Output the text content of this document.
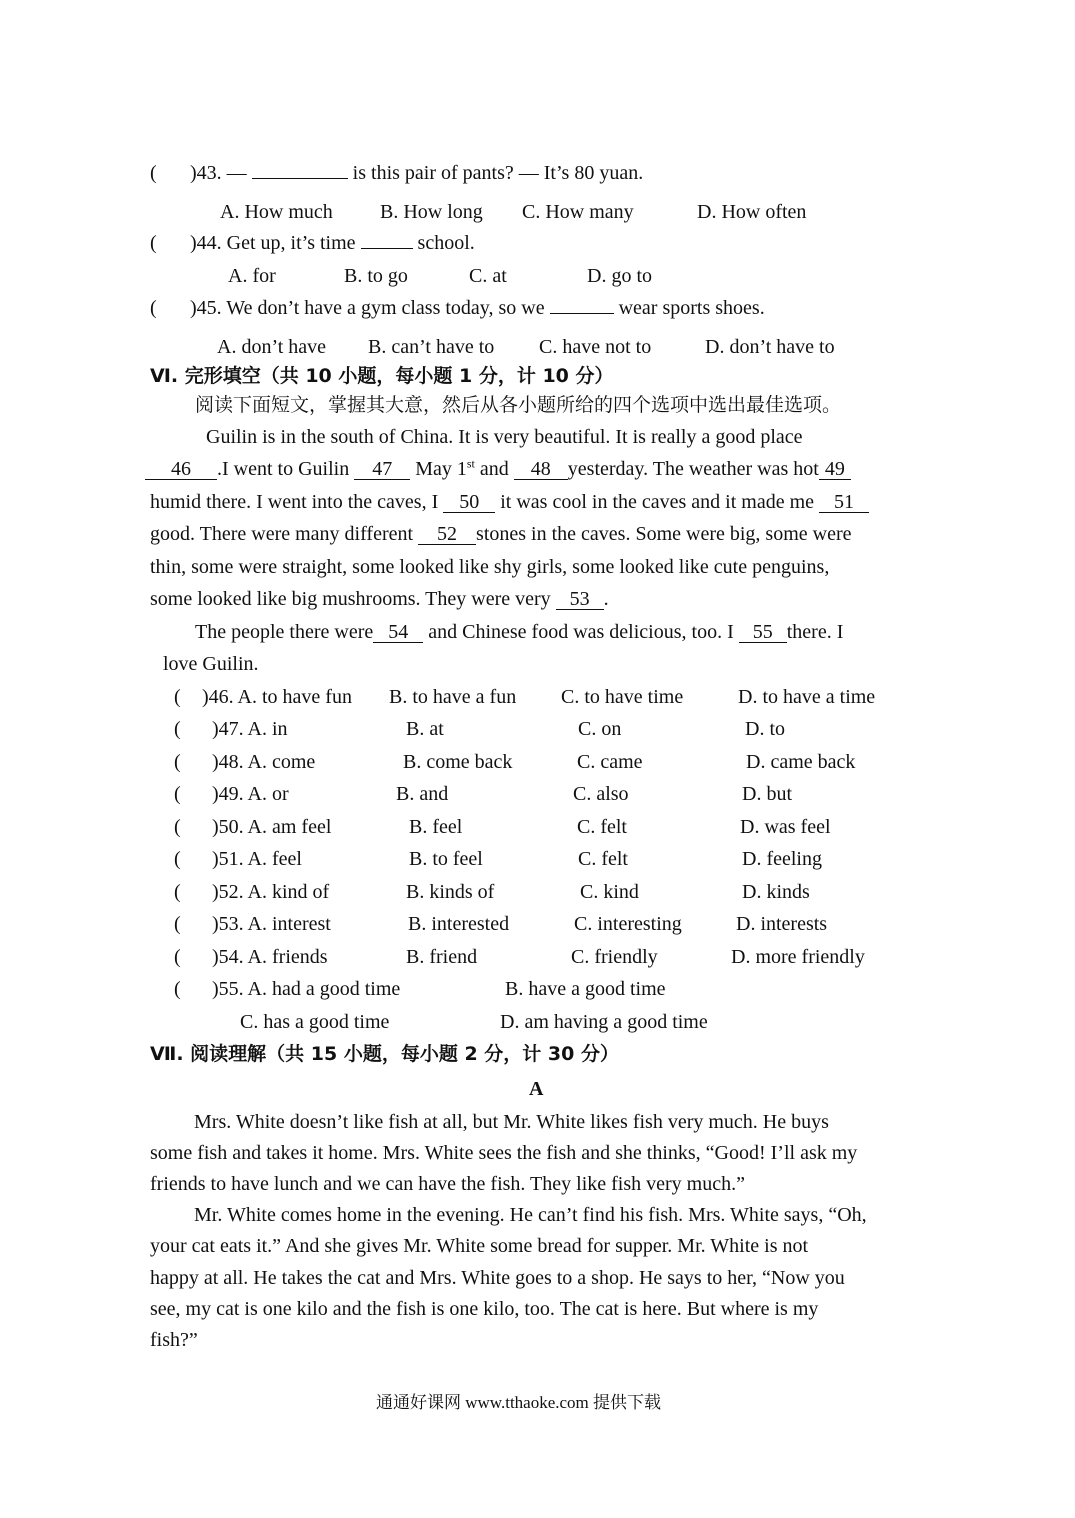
( )43. —	is this pair of pants? — It’s 80 yuan.
A. How much B. How long C. How many	D. How often
( )44. Get up, it’s time	school.
A. for	B. to go	C. at	D. go to
( )45. We don’t have a gym class today, so we	wear sports shoes.
A. don’t have B. can’t have to C. have not to	D. don’t have to
Ⅵ. 完形填空（共 10 小题，每小题 1 分，计 10 分）
阅读下面短文，掌握其大意，然后从各小题所给的四个选项中选出最佳选项。
Guilin is in the south of China. It is very beautiful. It is really a good place
46 .I went to Guilin 47 May 1st and 48 yesterday. The weather was hot 49
humid there. I went into the caves, I 50 it was cool in the caves and it made me 51
good. There were many different 52 stones in the caves. Some were big, some were
thin, some were straight, some looked like shy girls, some looked like cute penguins,
some looked like big mushrooms. They were very 53 .
The people there were 54 and Chinese food was delicious, too. I 55 there. I
love Guilin.
( )46. A. to have fun B. to have a fun C. to have time	D. to have a time
( )47. A. in	B. at	C. on	D. to
( )48. A. come	B. come back	C. came	D. came back
( )49. A. or	B. and	C. also	D. but
( )50. A. am feel	B. feel	C. felt	D. was feel
( )51. A. feel	B. to feel	C. felt	D. feeling
( )52. A. kind of	B. kinds of	C. kind	D. kinds
( )53. A. interest	B. interested	C. interesting	D. interests
( )54. A. friends	B. friend	C. friendly	D. more friendly
( )55. A. had a good time	B. have a good time
C. has a good time	D. am having a good time
Ⅶ. 阅读理解（共 15 小题，每小题 2 分，计 30 分）
A
Mrs. White doesn’t like fish at all, but Mr. White likes fish very much. He buys
some fish and takes it home. Mrs. White sees the fish and she thinks, “Good! I’ll ask my
friends to have lunch and we can have the fish. They like fish very much.”
Mr. White comes home in the evening. He can’t find his fish. Mrs. White says, “Oh,
your cat eats it.” And she gives Mr. White some bread for supper. Mr. White is not
happy at all. He takes the cat and Mrs. White goes to a shop. He says to her, “Now you
see, my cat is one kilo and the fish is one kilo, too. The cat is here. But where is my
fish?”
通通好课网 www.tthaoke.com 提供下载
